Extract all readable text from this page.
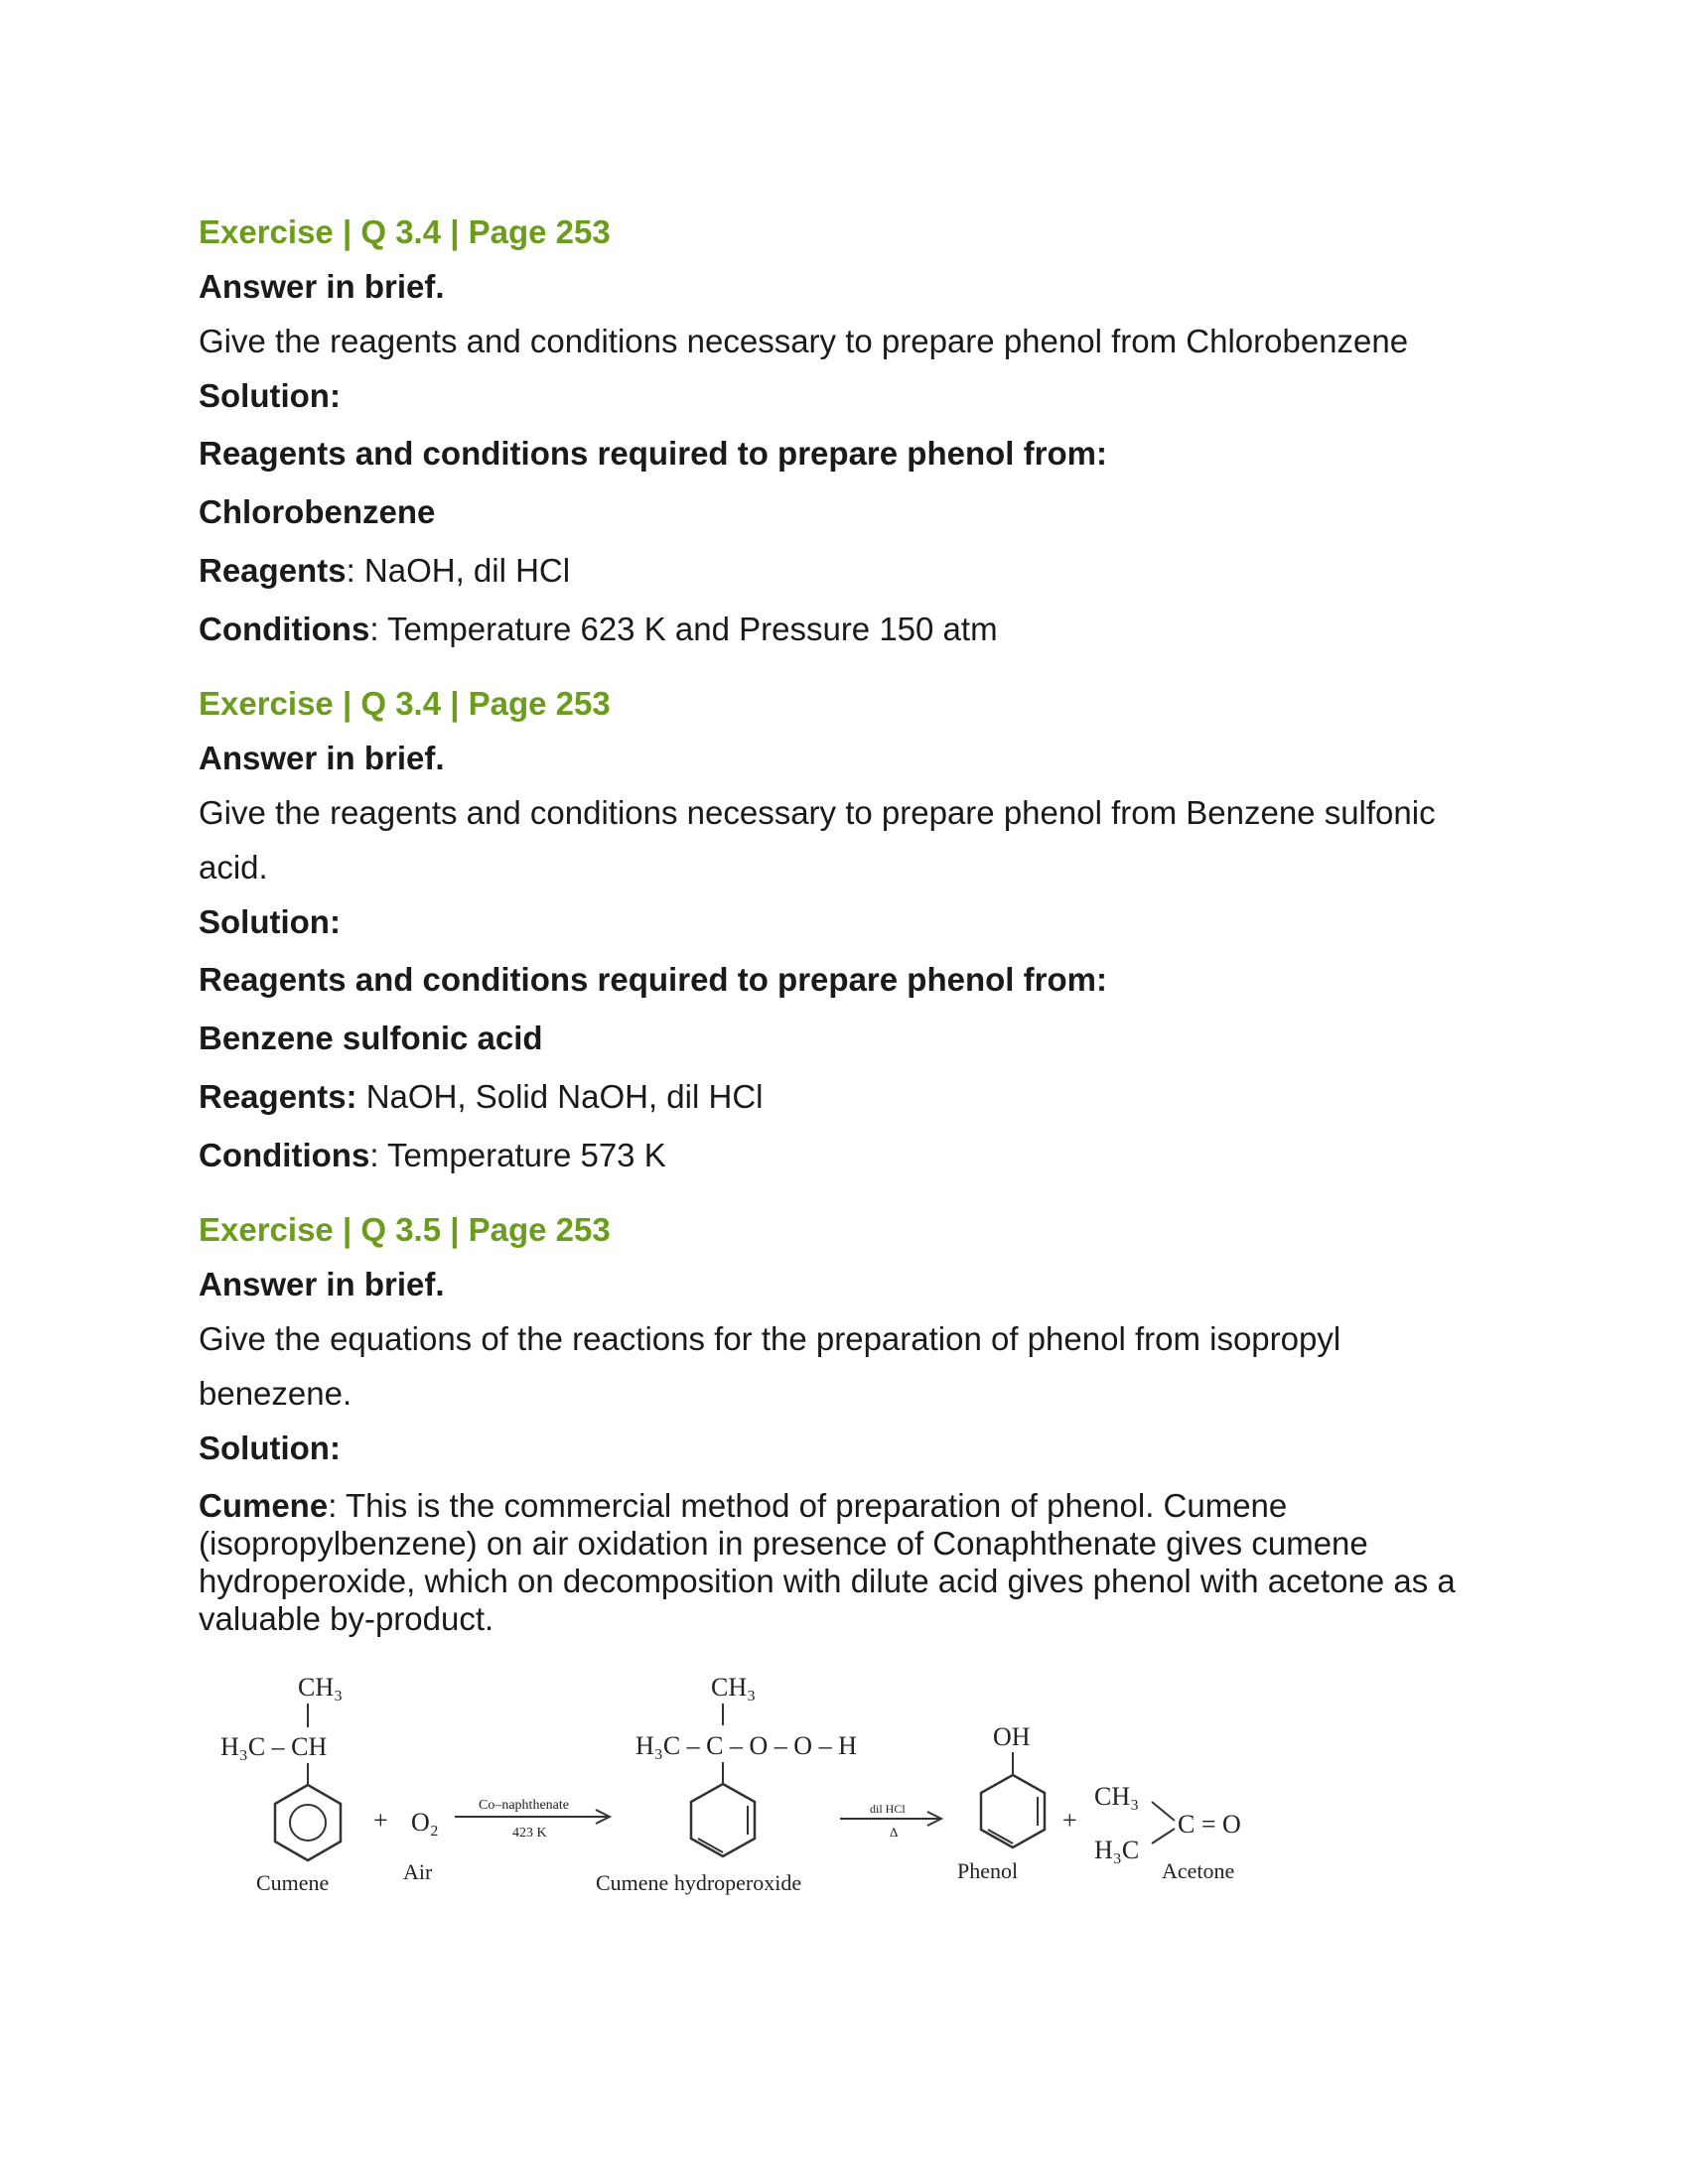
Exercise | Q 3.4 | Page 253

Answer in brief.

Give the reagents and conditions necessary to prepare phenol from Chlorobenzene

Solution:

Reagents and conditions required to prepare phenol from:

Chlorobenzene

Reagents: NaOH, dil HCl

Conditions: Temperature 623 K and Pressure 150 atm

Exercise | Q 3.4 | Page 253

Answer in brief.

Give the reagents and conditions necessary to prepare phenol from Benzene sulfonic

acid.

Solution:

Reagents and conditions required to prepare phenol from:

Benzene sulfonic acid

Reagents: NaOH, Solid NaOH, dil HCl

Conditions: Temperature 573 K

Exercise | Q 3.5 | Page 253

Answer in brief.

Give the equations of the reactions for the preparation of phenol from isopropyl

benezene.

Solution:

Cumene: This is the commercial method of preparation of phenol. Cumene

(isopropylbenzene) on air oxidation in presence of Conaphthenate gives cumene

hydroperoxide, which on decomposition with dilute acid gives phenol with acetone as a

valuable by-product.

CH₃
H₃C – CH
Cumene
+ O₂
Air
Co–naphthenate
423 K
CH₃
H₃C – C – O – O – H
Cumene hydroperoxide
dil HCl
Δ
OH
Phenol
+
CH₃
C = O
H₃C
Acetone
